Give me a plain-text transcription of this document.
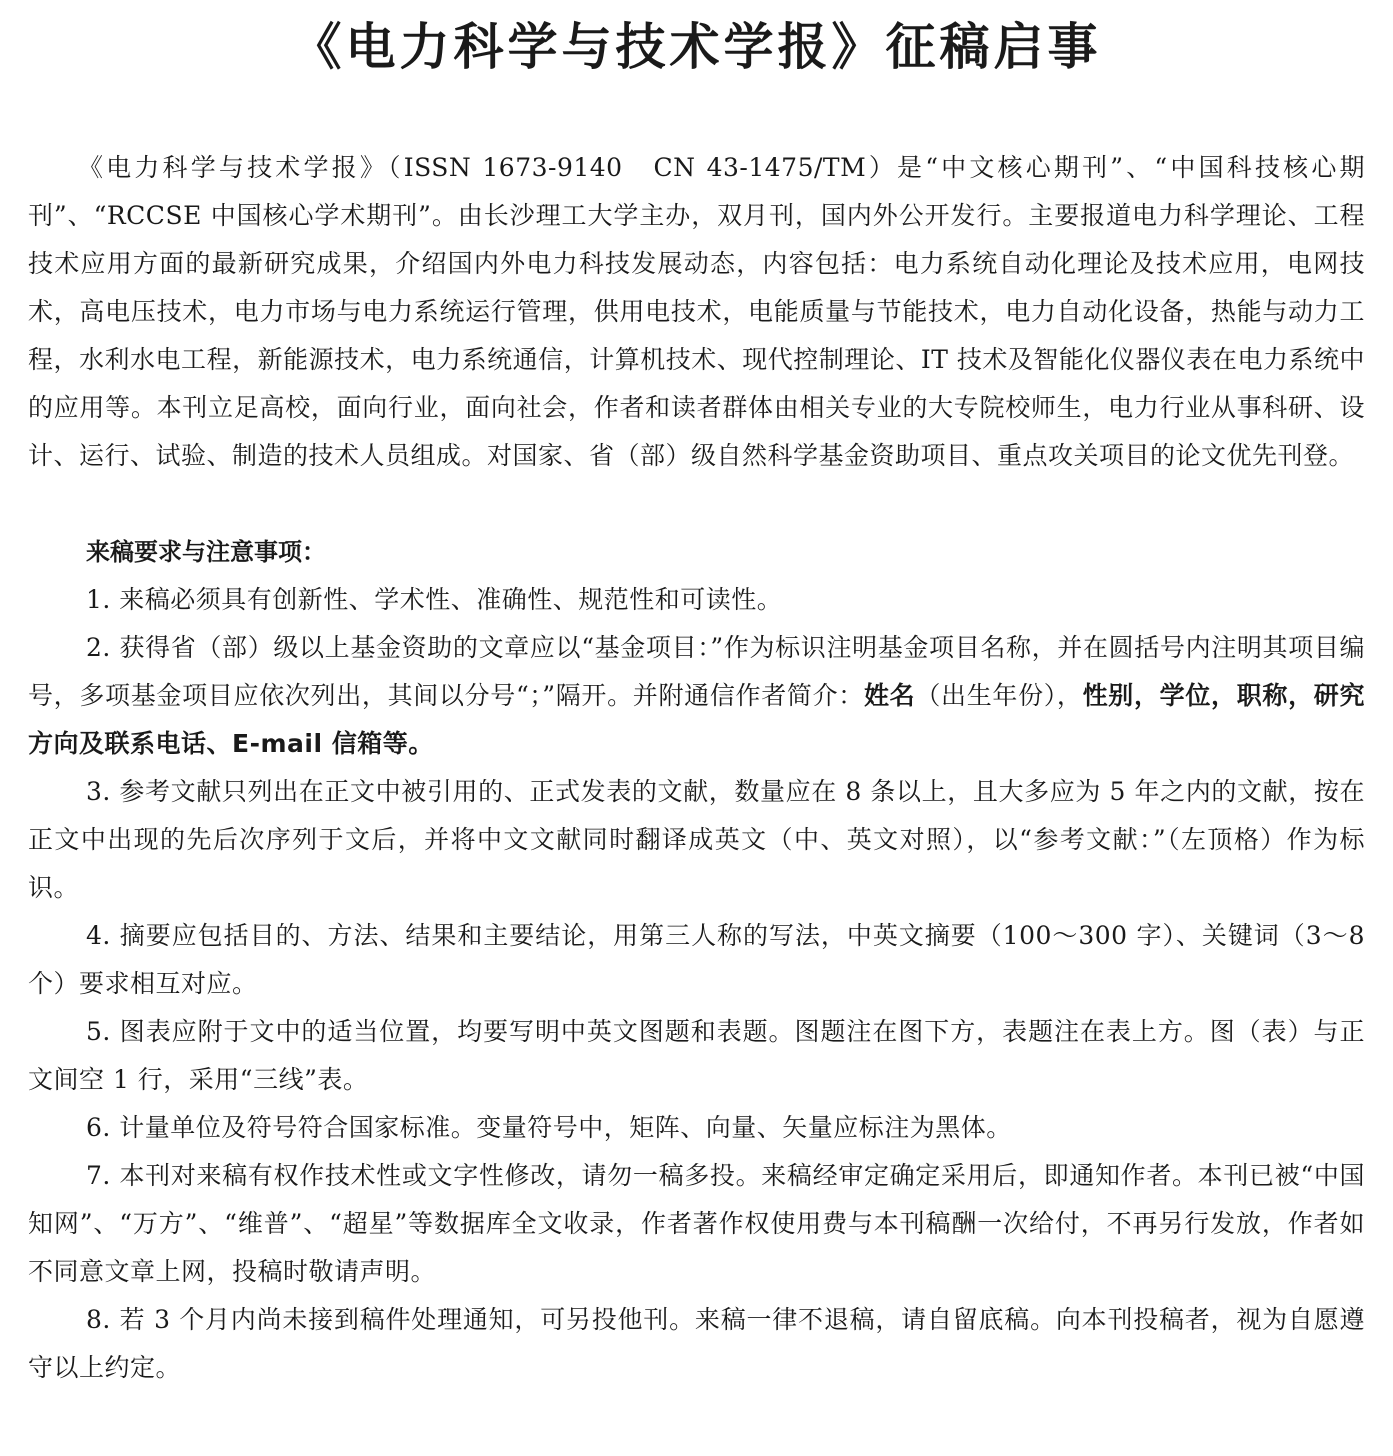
《电力科学与技术学报》征稿启事

《电力科学与技术学报》（ISSN 1673-9140　CN 43-1475/TM）是“中文核心期刊”、“中国科技核心期刊”、“RCCSE 中国核心学术期刊”。由长沙理工大学主办，双月刊，国内外公开发行。主要报道电力科学理论、工程技术应用方面的最新研究成果，介绍国内外电力科技发展动态，内容包括：电力系统自动化理论及技术应用，电网技术，高电压技术，电力市场与电力系统运行管理，供用电技术，电能质量与节能技术，电力自动化设备，热能与动力工程，水利水电工程，新能源技术，电力系统通信，计算机技术、现代控制理论、IT 技术及智能化仪器仪表在电力系统中的应用等。本刊立足高校，面向行业，面向社会，作者和读者群体由相关专业的大专院校师生，电力行业从事科研、设计、运行、试验、制造的技术人员组成。对国家、省（部）级自然科学基金资助项目、重点攻关项目的论文优先刊登。

来稿要求与注意事项：

1. 来稿必须具有创新性、学术性、准确性、规范性和可读性。

2. 获得省（部）级以上基金资助的文章应以“基金项目：”作为标识注明基金项目名称，并在圆括号内注明其项目编号，多项基金项目应依次列出，其间以分号“；”隔开。并附通信作者简介：姓名（出生年份），性别，学位，职称，研究方向及联系电话、E-mail 信箱等。

3. 参考文献只列出在正文中被引用的、正式发表的文献，数量应在 8 条以上，且大多应为 5 年之内的文献，按在正文中出现的先后次序列于文后，并将中文文献同时翻译成英文（中、英文对照），以“参考文献：”（左顶格）作为标识。

4. 摘要应包括目的、方法、结果和主要结论，用第三人称的写法，中英文摘要（100～300 字）、关键词（3～8 个）要求相互对应。

5. 图表应附于文中的适当位置，均要写明中英文图题和表题。图题注在图下方，表题注在表上方。图（表）与正文间空 1 行，采用“三线”表。

6. 计量单位及符号符合国家标准。变量符号中，矩阵、向量、矢量应标注为黑体。

7. 本刊对来稿有权作技术性或文字性修改，请勿一稿多投。来稿经审定确定采用后，即通知作者。本刊已被“中国知网”、“万方”、“维普”、“超星”等数据库全文收录，作者著作权使用费与本刊稿酬一次给付，不再另行发放，作者如不同意文章上网，投稿时敬请声明。

8. 若 3 个月内尚未接到稿件处理通知，可另投他刊。来稿一律不退稿，请自留底稿。向本刊投稿者，视为自愿遵守以上约定。
